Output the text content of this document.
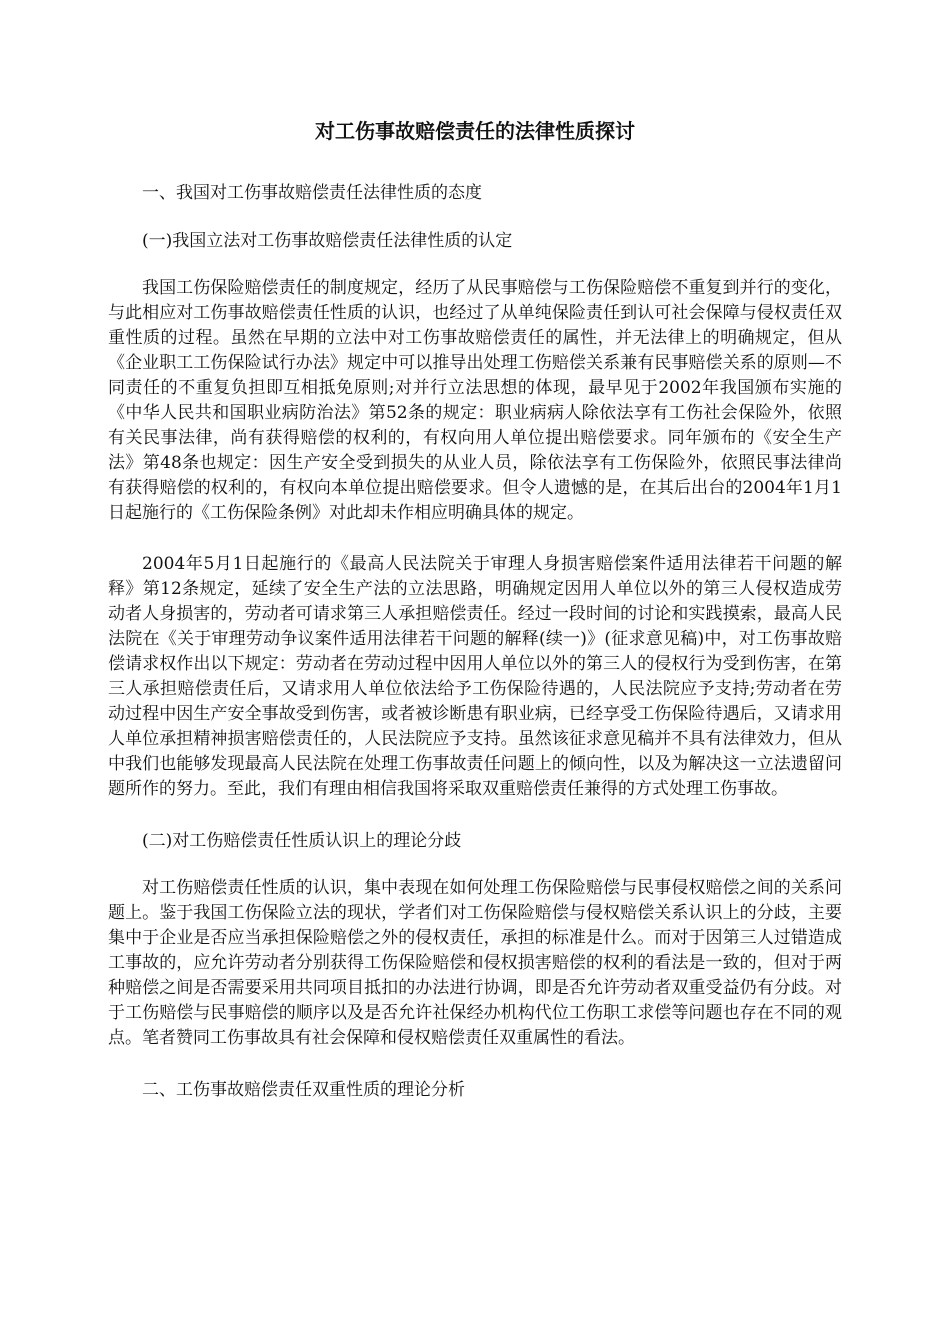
对工伤事故赔偿责任的法律性质探讨

一、我国对工伤事故赔偿责任法律性质的态度

(一)我国立法对工伤事故赔偿责任法律性质的认定

我国工伤保险赔偿责任的制度规定，经历了从民事赔偿与工伤保险赔偿不重复到并行的变化，与此相应对工伤事故赔偿责任性质的认识，也经过了从单纯保险责任到认可社会保障与侵权责任双重性质的过程。虽然在早期的立法中对工伤事故赔偿责任的属性，并无法律上的明确规定，但从《企业职工工伤保险试行办法》规定中可以推导出处理工伤赔偿关系兼有民事赔偿关系的原则—不同责任的不重复负担即互相抵免原则;对并行立法思想的体现，最早见于2002年我国颁布实施的《中华人民共和国职业病防治法》第52条的规定：职业病病人除依法享有工伤社会保险外，依照有关民事法律，尚有获得赔偿的权利的，有权向用人单位提出赔偿要求。同年颁布的《安全生产法》第48条也规定：因生产安全受到损失的从业人员，除依法享有工伤保险外，依照民事法律尚有获得赔偿的权利的，有权向本单位提出赔偿要求。但令人遗憾的是，在其后出台的2004年1月1日起施行的《工伤保险条例》对此却未作相应明确具体的规定。

2004年5月1日起施行的《最高人民法院关于审理人身损害赔偿案件适用法律若干问题的解释》第12条规定，延续了安全生产法的立法思路，明确规定因用人单位以外的第三人侵权造成劳动者人身损害的，劳动者可请求第三人承担赔偿责任。经过一段时间的讨论和实践摸索，最高人民法院在《关于审理劳动争议案件适用法律若干问题的解释(续一)》(征求意见稿)中，对工伤事故赔偿请求权作出以下规定：劳动者在劳动过程中因用人单位以外的第三人的侵权行为受到伤害，在第三人承担赔偿责任后，又请求用人单位依法给予工伤保险待遇的，人民法院应予支持;劳动者在劳动过程中因生产安全事故受到伤害，或者被诊断患有职业病，已经享受工伤保险待遇后，又请求用人单位承担精神损害赔偿责任的，人民法院应予支持。虽然该征求意见稿并不具有法律效力，但从中我们也能够发现最高人民法院在处理工伤事故责任问题上的倾向性，以及为解决这一立法遗留问题所作的努力。至此，我们有理由相信我国将采取双重赔偿责任兼得的方式处理工伤事故。

(二)对工伤赔偿责任性质认识上的理论分歧

对工伤赔偿责任性质的认识，集中表现在如何处理工伤保险赔偿与民事侵权赔偿之间的关系问题上。鉴于我国工伤保险立法的现状，学者们对工伤保险赔偿与侵权赔偿关系认识上的分歧，主要集中于企业是否应当承担保险赔偿之外的侵权责任，承担的标准是什么。而对于因第三人过错造成工事故的，应允许劳动者分别获得工伤保险赔偿和侵权损害赔偿的权利的看法是一致的，但对于两种赔偿之间是否需要采用共同项目抵扣的办法进行协调，即是否允许劳动者双重受益仍有分歧。对于工伤赔偿与民事赔偿的顺序以及是否允许社保经办机构代位工伤职工求偿等问题也存在不同的观点。笔者赞同工伤事故具有社会保障和侵权赔偿责任双重属性的看法。

二、工伤事故赔偿责任双重性质的理论分析
